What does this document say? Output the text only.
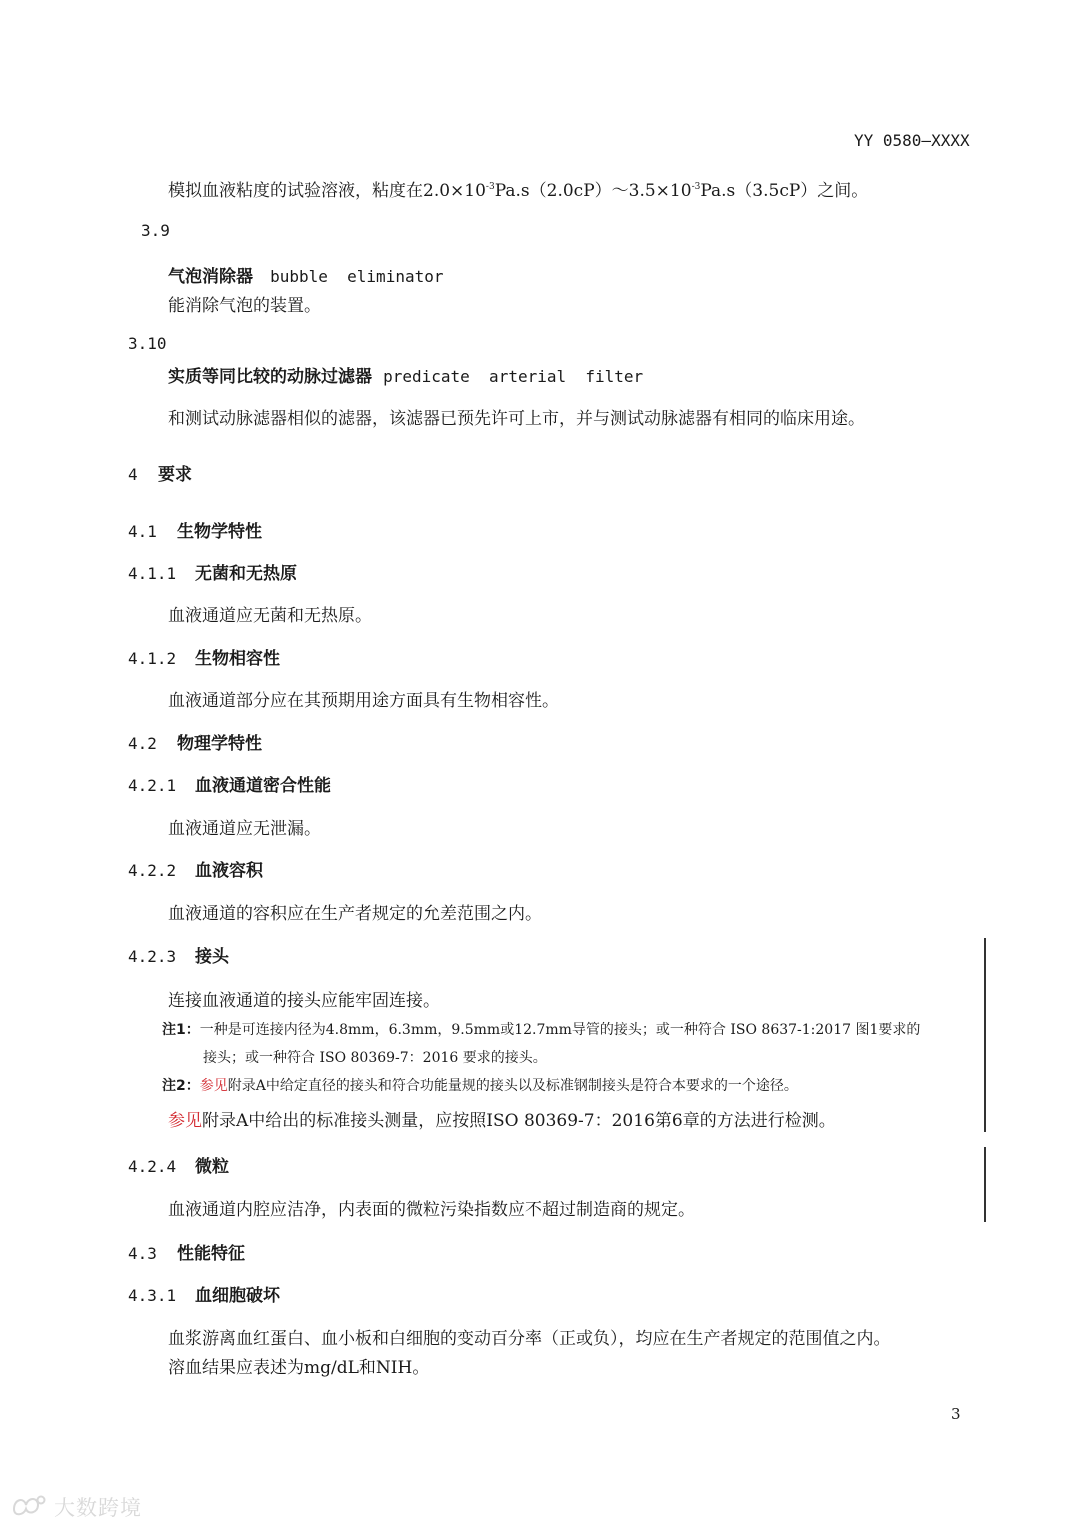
YY 0580—XXXX
模拟血液粘度的试验溶液，粘度在$2.0\times 10^{-3}Pa.s(2.0cP)\sim 3.5\times 10^{-3}Pa.s(3.5cP)$之间。
3.9
气泡消除器 bubble  eliminator
能消除气泡的装置。
3.10
实质等同比较的动脉过滤器 predicate  arterial  filter
和测试动脉滤器相似的滤器，该滤器已预先许可上市，并与测试动脉滤器有相同的临床用途。
4 要求
4.1 生物学特性
4.1.1 无菌和无热原
血液通道应无菌和无热原。
4.1.2 生物相容性
血液通道部分应在其预期用途方面具有生物相容性。
4.2 物理学特性
4.2.1 血液通道密合性能
血液通道应无泄漏。
4.2.2 血液容积
血液通道的容积应在生产者规定的允差范围之内。
4.2.3 接头
连接血液通道的接头应能牢固连接。
注1：一种是可连接内径为4.8mm，6.3mm，9.5mm或12.7mm导管的接头；或一种符合 ISO 8637-1:2017 图1要求的
接头；或一种符合 ISO 80369-7：2016 要求的接头。
注2：参见附录A中给定直径的接头和符合功能量规的接头以及标准钢制接头是符合本要求的一个途径。
参见附录A中给出的标准接头测量，应按照ISO 80369-7：2016第6章的方法进行检测。
4.2.4 微粒
血液通道内腔应洁净，内表面的微粒污染指数应不超过制造商的规定。
4.3 性能特征
4.3.1 血细胞破坏
血浆游离血红蛋白、血小板和白细胞的变动百分率（正或负），均应在生产者规定的范围值之内。
溶血结果应表述为mg/dL和NIH。
3
大数跨境
